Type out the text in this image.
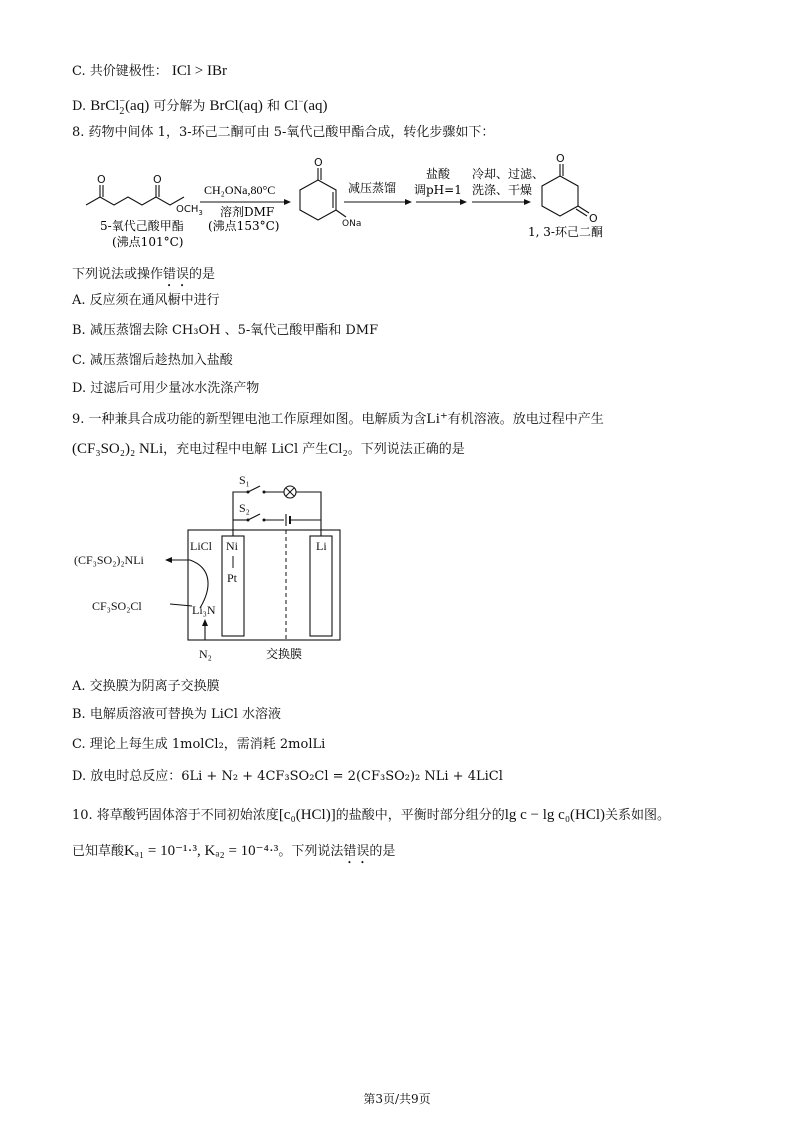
C. 共价键极性： ICl > IBr
D. BrCl −
2 (aq) 可分解为 BrCl(aq) 和 Cl−(aq)
8. 药物中间体 1，3-环己二酮可由 5-氧代己酸甲酯合成，转化步骤如下：
O	O
$OCH_3$
5-氧代己酸甲酯
(沸点101°C)
CH₂ONa,80°C
溶剂DMF
(沸点153°C)
O
ONa
减压蒸馏
盐酸
调pH=1
冷却、过滤、
洗涤、干燥
O
O
1, 3-环己二酮
下列说法或操作错误的是
A. 反应须在通风橱中进行
B. 减压蒸馏去除 CH₃OH 、5-氧代己酸甲酯和 DMF
C. 减压蒸馏后趁热加入盐酸
D. 过滤后可用少量冰水洗涤产物
9. 一种兼具合成功能的新型锂电池工作原理如图。电解质为含Li⁺有机溶液。放电过程中产生
(CF₃SO₂)₂ NLi，充电过程中电解 LiCl 产生Cl₂。下列说法正确的是
S₁
S₂
LiCl Ni
Pt
Li
Li₃N
N₂	交换膜
(CF₃SO₂)₂NLi
CF₃SO₂Cl
A. 交换膜为阴离子交换膜
B. 电解质溶液可替换为 LiCl 水溶液
C. 理论上每生成 1molCl₂，需消耗 2molLi
D. 放电时总反应：6Li + N₂ + 4CF₃SO₂Cl = 2(CF₃SO₂)₂ NLi + 4LiCl
10. 将草酸钙固体溶于不同初始浓度[c₀(HCl)]的盐酸中，平衡时部分组分的lg c − lg c₀(HCl)关系如图。
已知草酸Kₐ₁ = 10⁻¹·³, Kₐ₂ = 10⁻⁴·³。下列说法错误的是
第3页/共9页
